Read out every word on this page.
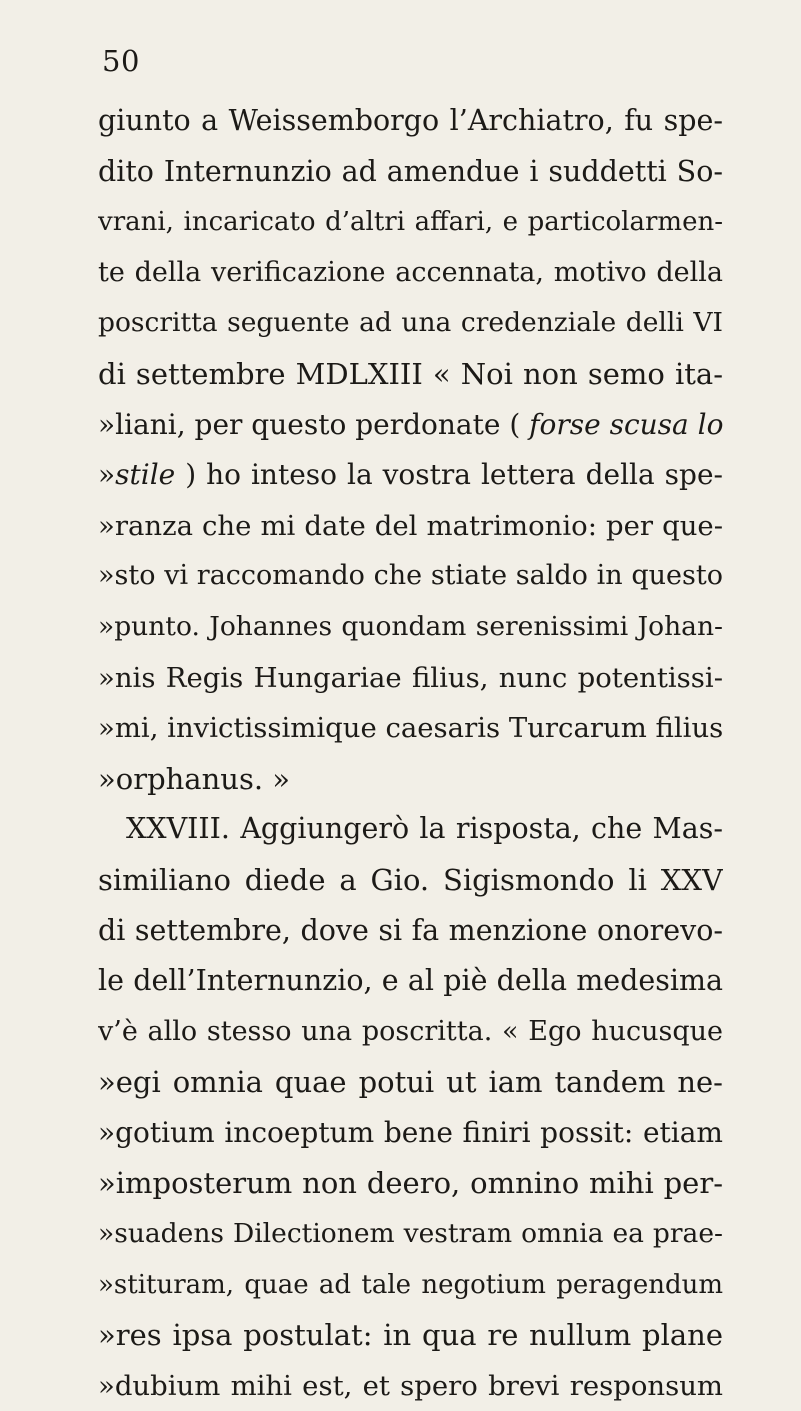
50
giunto a Weissemborgo l’Archiatro, fu spe-
dito Internunzio ad amendue i suddetti So-
vrani, incaricato d’altri affari, e particolarmen-
te della verificazione accennata, motivo della
poscritta seguente ad una credenziale delli VI
di settembre MDLXIII « Noi non semo ita-
»liani, per questo perdonate ( forse scusa lo
»stile ) ho inteso la vostra lettera della spe-
»ranza che mi date del matrimonio: per que-
»sto vi raccomando che stiate saldo in questo
»punto. Johannes quondam serenissimi Johan-
»nis Regis Hungariae filius, nunc potentissi-
»mi, invictissimique caesaris Turcarum filius
»orphanus. »
XXVIII. Aggiungerò la risposta, che Mas-
similiano diede a Gio. Sigismondo li XXV
di settembre, dove si fa menzione onorevo-
le dell’Internunzio, e al piè della medesima
v’è allo stesso una poscritta. « Ego hucusque
»egi omnia quae potui ut iam tandem ne-
»gotium incoeptum bene finiri possit: etiam
»imposterum non deero, omnino mihi per-
»suadens Dilectionem vestram omnia ea prae-
»stituram, quae ad tale negotium peragendum
»res ipsa postulat: in qua re nullum plane
»dubium mihi est, et spero brevi responsum
